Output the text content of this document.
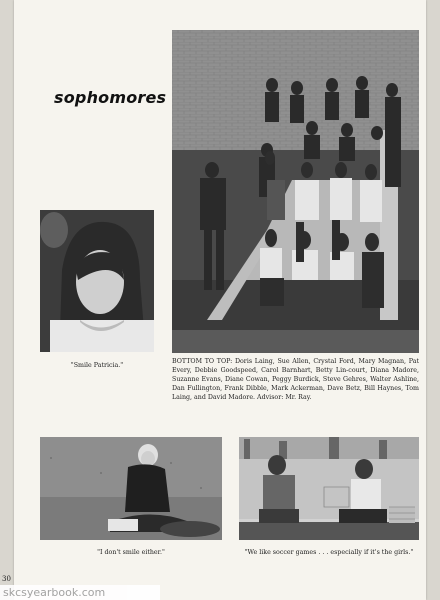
sophomores
"Smile Patricia."
BOTTOM TO TOP: Doris Laing, Sue Allen, Crystal Ford, Mary Magnan, Pat Every, Debbie Goodspeed, Carol Barnhart, Betty Lin-court, Diana Madore, Suzanne Evans, Diane Cowan, Peggy Burdick, Steve Gehres, Walter Ashline, Dan Fullington, Frank Dibble, Mark Ackerman, Dave Betz, Bill Haynes, Tom Laing, and David Madore. Advisor: Mr. Ray.
"I don't smile either."	"We like soccer games . . . especially if it's the girls."
30
skcsyearbook.com
